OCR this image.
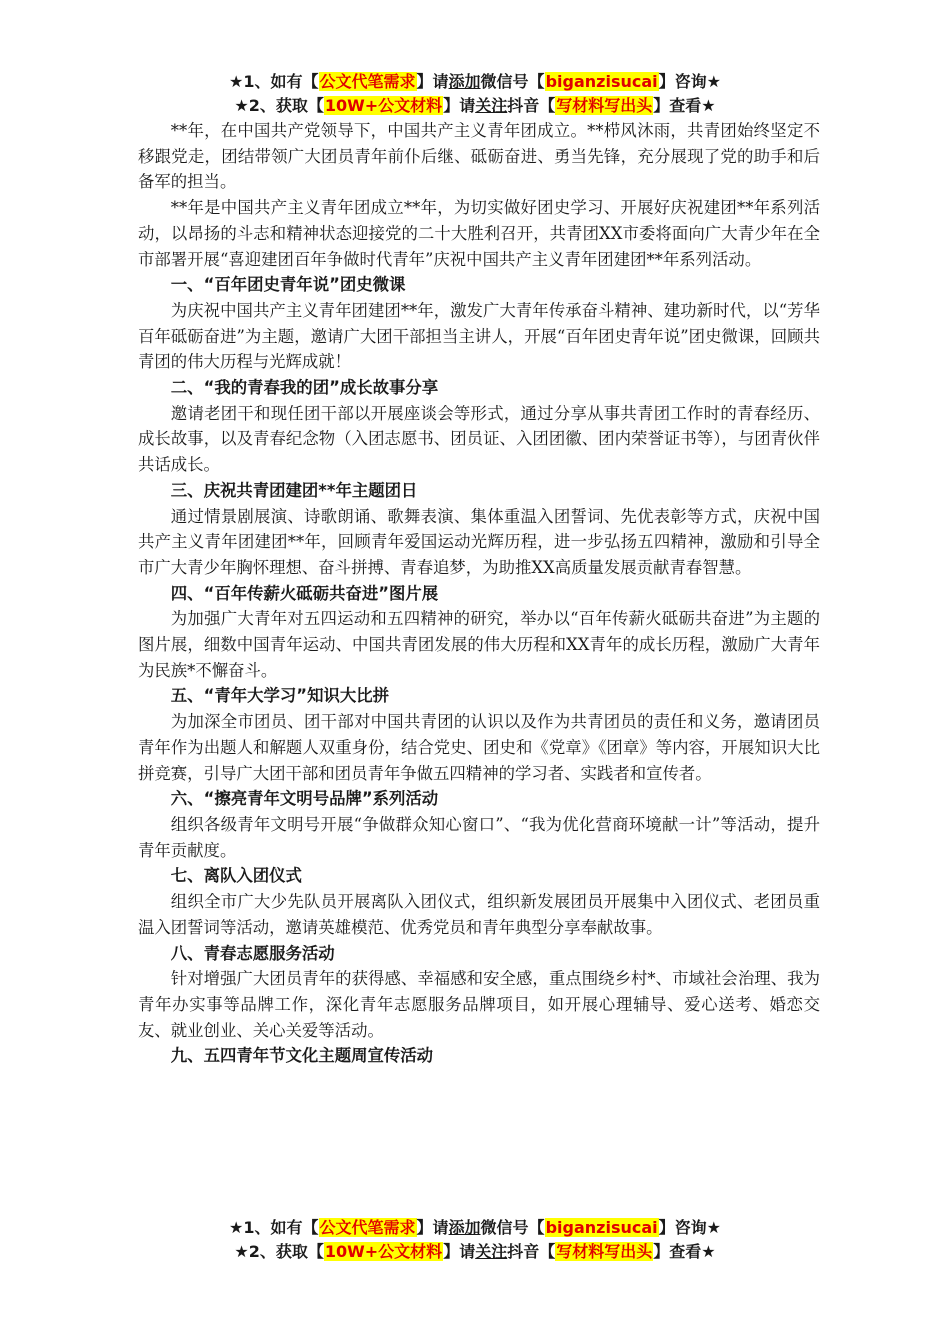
★1、如有【公文代笔需求】请添加微信号【biganzisucai】咨询★
★2、获取【10W+公文材料】请关注抖音【写材料写出头】查看★

**年，在中国共产党领导下，中国共产主义青年团成立。**栉风沐雨，共青团始终坚定不移跟党走，团结带领广大团员青年前仆后继、砥砺奋进、勇当先锋，充分展现了党的助手和后备军的担当。

**年是中国共产主义青年团成立**年，为切实做好团史学习、开展好庆祝建团**年系列活动，以昂扬的斗志和精神状态迎接党的二十大胜利召开，共青团XX市委将面向广大青少年在全市部署开展“喜迎建团百年争做时代青年”庆祝中国共产主义青年团建团**年系列活动。

一、“百年团史青年说”团史微课

为庆祝中国共产主义青年团建团**年，激发广大青年传承奋斗精神、建功新时代，以“芳华百年砥砺奋进”为主题，邀请广大团干部担当主讲人，开展“百年团史青年说”团史微课，回顾共青团的伟大历程与光辉成就！

二、“我的青春我的团”成长故事分享

邀请老团干和现任团干部以开展座谈会等形式，通过分享从事共青团工作时的青春经历、成长故事，以及青春纪念物（入团志愿书、团员证、入团团徽、团内荣誉证书等），与团青伙伴共话成长。

三、庆祝共青团建团**年主题团日

通过情景剧展演、诗歌朗诵、歌舞表演、集体重温入团誓词、先优表彰等方式，庆祝中国共产主义青年团建团**年，回顾青年爱国运动光辉历程，进一步弘扬五四精神，激励和引导全市广大青少年胸怀理想、奋斗拼搏、青春追梦，为助推XX高质量发展贡献青春智慧。

四、“百年传薪火砥砺共奋进”图片展

为加强广大青年对五四运动和五四精神的研究，举办以“百年传薪火砥砺共奋进”为主题的图片展，细数中国青年运动、中国共青团发展的伟大历程和XX青年的成长历程，激励广大青年为民族*不懈奋斗。

五、“青年大学习”知识大比拼

为加深全市团员、团干部对中国共青团的认识以及作为共青团员的责任和义务，邀请团员青年作为出题人和解题人双重身份，结合党史、团史和《党章》《团章》等内容，开展知识大比拼竞赛，引导广大团干部和团员青年争做五四精神的学习者、实践者和宣传者。

六、“擦亮青年文明号品牌”系列活动

组织各级青年文明号开展“争做群众知心窗口”、“我为优化营商环境献一计”等活动，提升青年贡献度。

七、离队入团仪式

组织全市广大少先队员开展离队入团仪式，组织新发展团员开展集中入团仪式、老团员重温入团誓词等活动，邀请英雄模范、优秀党员和青年典型分享奉献故事。

八、青春志愿服务活动

针对增强广大团员青年的获得感、幸福感和安全感，重点围绕乡村*、市域社会治理、我为青年办实事等品牌工作，深化青年志愿服务品牌项目，如开展心理辅导、爱心送考、婚恋交友、就业创业、关心关爱等活动。

九、五四青年节文化主题周宣传活动
★1、如有【公文代笔需求】请添加微信号【biganzisucai】咨询★
★2、获取【10W+公文材料】请关注抖音【写材料写出头】查看★
